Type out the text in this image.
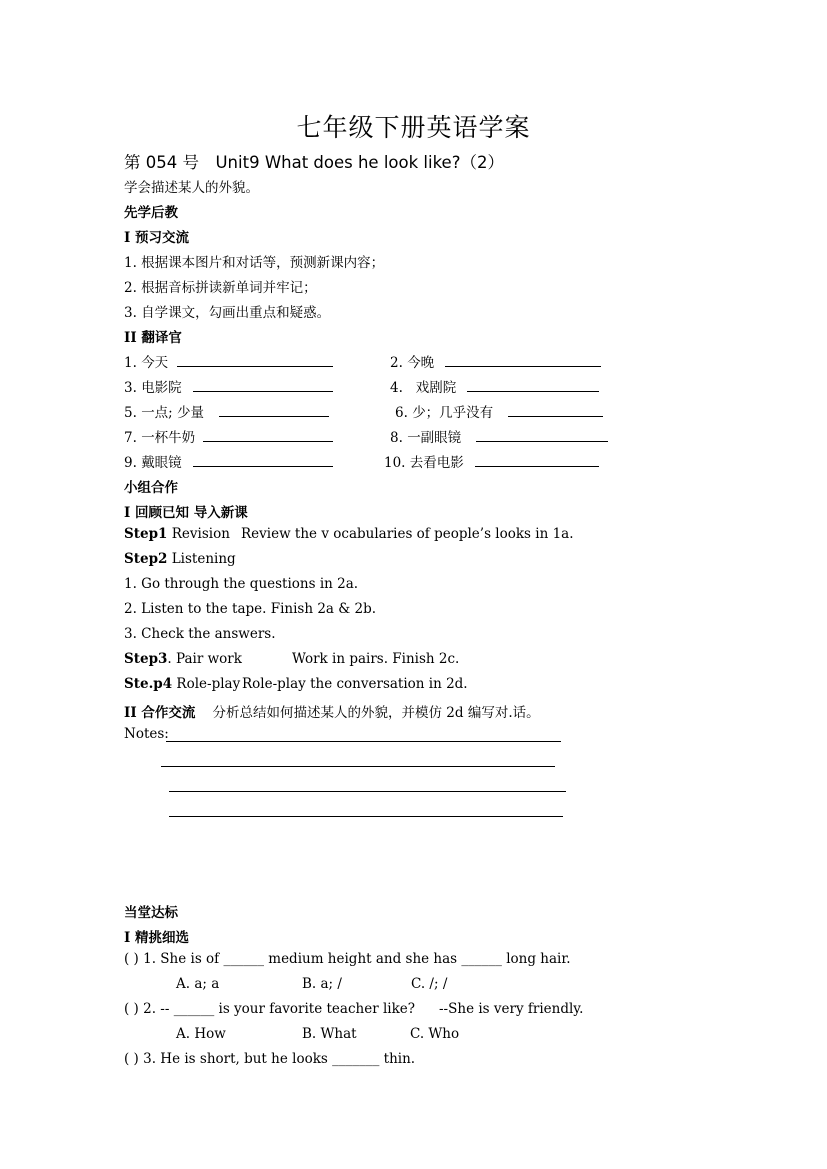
七年级下册英语学案
第 054 号　Unit9 What does he look like?（2）
学会描述某人的外貌。
先学后教
I 预习交流
1. 根据课本图片和对话等，预测新课内容；
2. 根据音标拼读新单词并牢记；
3. 自学课文，勾画出重点和疑惑。
II 翻译官
1. 今天	2. 今晚
3. 电影院	4. 戏剧院
5. 一点; 少量	6. 少；几乎没有
7. 一杯牛奶	8. 一副眼镜
9. 戴眼镜	10. 去看电影
小组合作
I 回顾已知 导入新课
Step1 Revision Review the v ocabularies of people’s looks in 1a.
Step2 Listening
1. Go through the questions in 2a.
2. Listen to the tape. Finish 2a & 2b.
3. Check the answers.
Step3. Pair work	Work in pairs. Finish 2c.
Ste.p4 Role-play Role-play the conversation in 2d.
II 合作交流 分析总结如何描述某人的外貌，并模仿 2d 编写对.话。
Notes:
当堂达标
I 精挑细选
( ) 1. She is of ______ medium height and she has ______ long hair.
A. a; a	B. a; /	C. /; /
( ) 2. -- ______ is your favorite teacher like? --She is very friendly.
A. How	B. What	C. Who
( ) 3. He is short, but he looks _______ thin.
